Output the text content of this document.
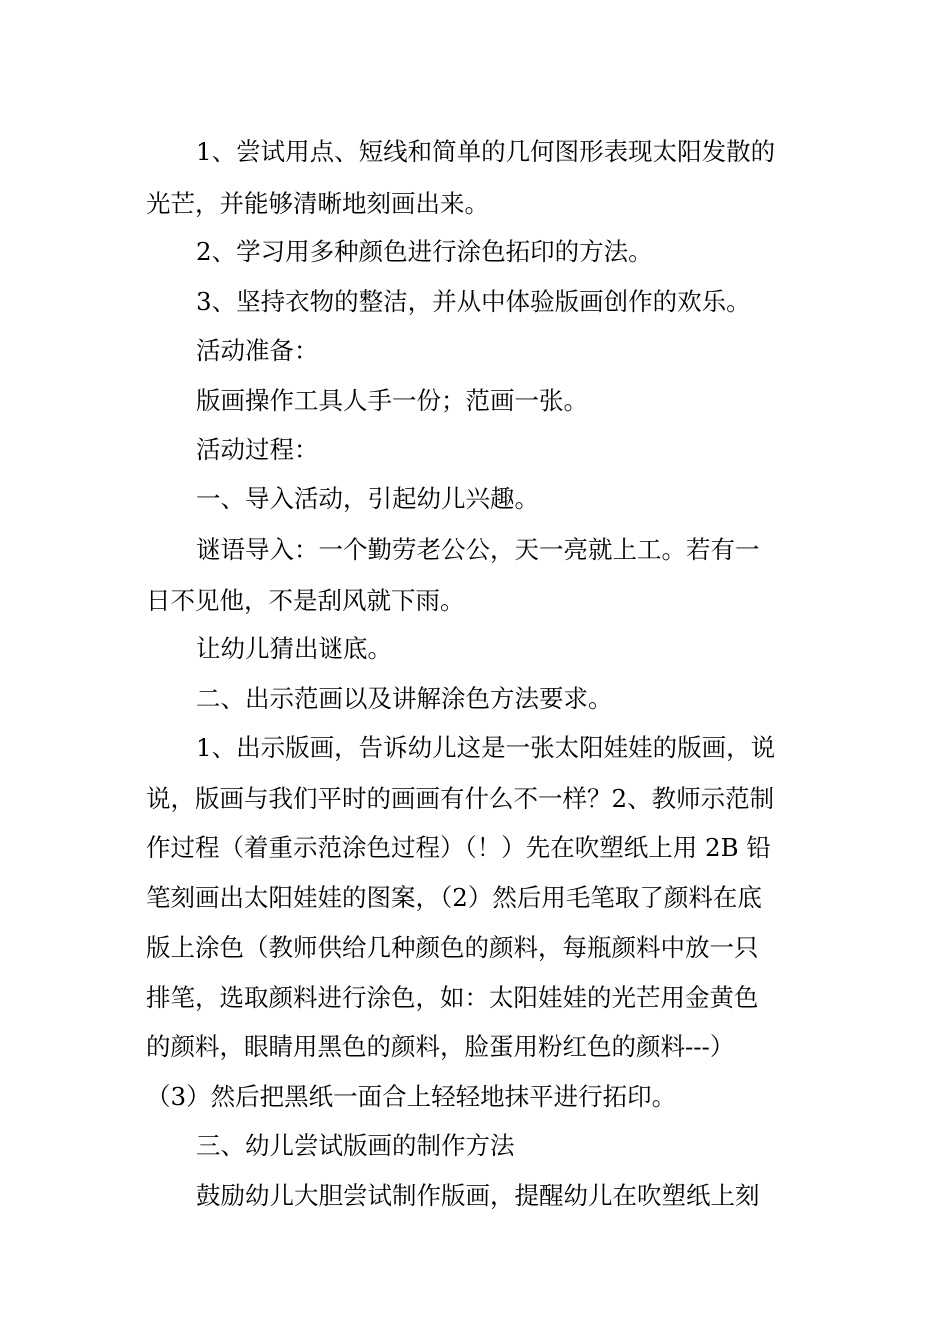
1、尝试用点、短线和简单的几何图形表现太阳发散的
光芒，并能够清晰地刻画出来。
2、学习用多种颜色进行涂色拓印的方法。
3、坚持衣物的整洁，并从中体验版画创作的欢乐。
活动准备：
版画操作工具人手一份；范画一张。
活动过程：
一、导入活动，引起幼儿兴趣。
谜语导入：一个勤劳老公公，天一亮就上工。若有一
日不见他，不是刮风就下雨。
让幼儿猜出谜底。
二、出示范画以及讲解涂色方法要求。
1、出示版画，告诉幼儿这是一张太阳娃娃的版画，说
说，版画与我们平时的画画有什么不一样？2、教师示范制
作过程（着重示范涂色过程）（！）先在吹塑纸上用 2B 铅
笔刻画出太阳娃娃的图案，（2）然后用毛笔取了颜料在底
版上涂色（教师供给几种颜色的颜料，每瓶颜料中放一只
排笔，选取颜料进行涂色，如：太阳娃娃的光芒用金黄色
的颜料，眼睛用黑色的颜料，脸蛋用粉红色的颜料---）
（3）然后把黑纸一面合上轻轻地抹平进行拓印。
三、幼儿尝试版画的制作方法
鼓励幼儿大胆尝试制作版画，提醒幼儿在吹塑纸上刻
